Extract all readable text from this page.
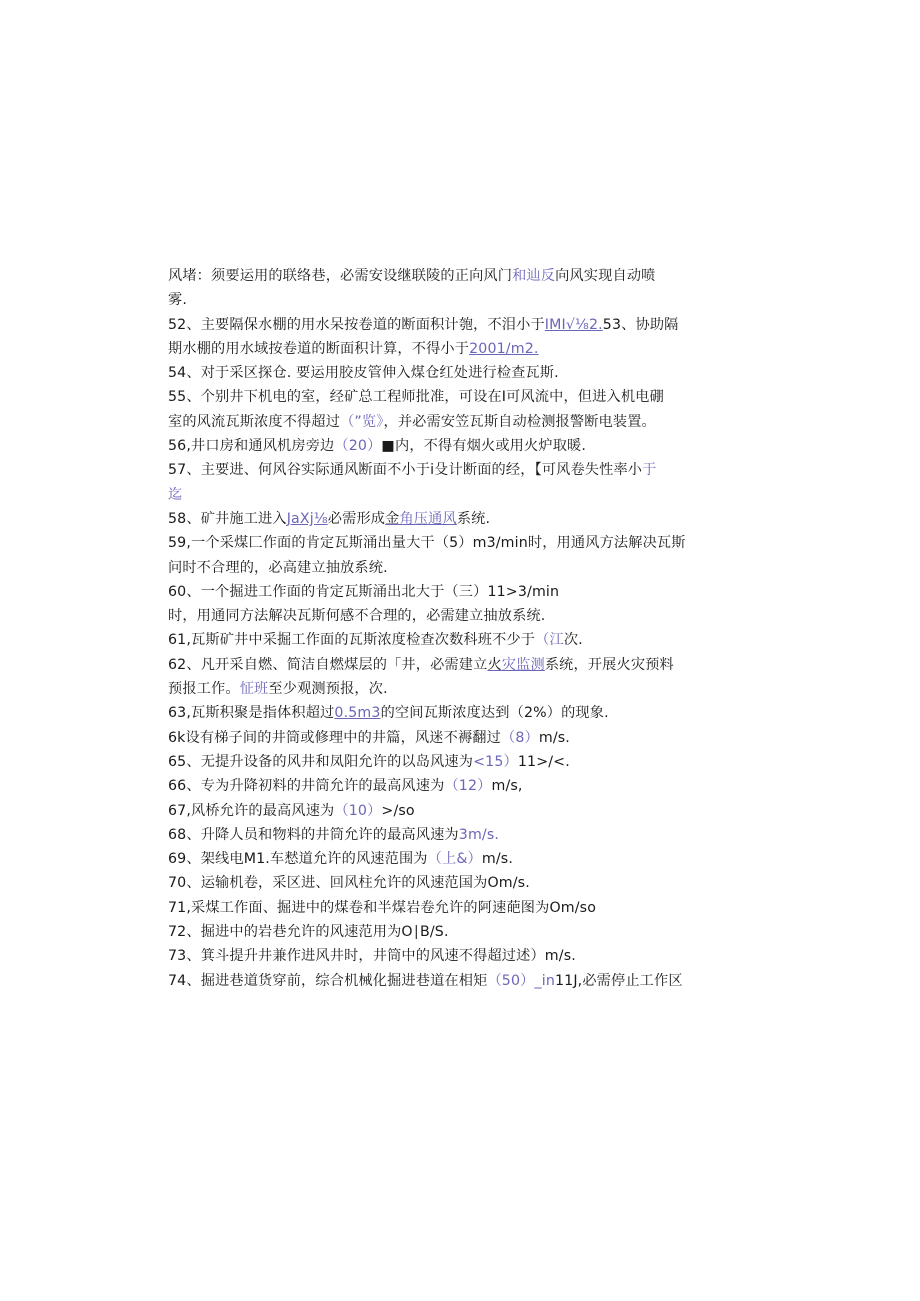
风堵：须要运用的联络巷，必需安设继联陵的正向风门和辿反向风实现自动喷
雾.
52、主要隔保水棚的用水呆按卷道的断面积计匏，不泪小于IMI√⅛2.53、协助隔
期水棚的用水域按卷道的断面积计算，不得小于2001∕m2.
54、对于采区探仓. 要运用胶皮管伸入煤仓红处进行检查瓦斯.
55、个别井下机电的室，经矿总工程师批准，可设在I可风流中，但进入机电硼
室的风流瓦斯浓度不得超过（”览》，并必需安笠瓦斯自动检测报警断电装置。
56,井口房和通风机房旁边（20）■内，不得有烟火或用火炉取暖.
57、主要进、何风谷实际通风断面不小于i殳计断面的经，【可风卷失性率小于
迄
58、矿井施工进入JaXj⅛必需形成金角压通风系统.
59,一个采煤匚作面的肯定瓦斯涌出量大干（5）m3∕min时，用通风方法解决瓦斯
问时不合理的，必高建立抽放系统.
60、一个掘进工作面的肯定瓦斯涌出北大于（三）11>3∕min
时，用通同方法解决瓦斯何感不合理的，必需建立抽放系统.
61,瓦斯矿井中采掘工作面的瓦斯浓度检查次数科班不少于（江次.
62、凡开采自燃、简洁自燃煤层的「井，必需建立火灾监测系统，开展火灾预料
预报工作。怔班至少观测预报，次.
63,瓦斯积聚是指体积超过0.5m3的空间瓦斯浓度达到（2%）的现象.
6k设有梯子间的井筒或修理中的井篇，风迷不褥翻过（8）m∕s.
65、无提升设备的风井和凤阳允许的以岛风速为<15）11>∕<.
66、专为升降初料的井筒允许的最高风速为（12）m/s,
67,风桥允许的最高风速为（10）>∕so
68、升降人员和物料的井筒允许的最高风速为3m/s.
69、架线电M1.车慭道允许的风速范围为（上&）m/s.
70、运输机卷，采区进、回风柱允许的风速范国为Om∕s.
71,采煤工作面、掘进中的煤卷和半煤岩卷允许的阿速葩图为Om/so
72、掘进中的岩巷允许的风速范用为O∣B∕S.
73、箕斗提升井兼作进风井时，井筒中的风速不得超过述）m/s.
74、掘进巷道货穿前，综合机械化掘进巷道在相矩（50）_in11J,必需停止工作区
